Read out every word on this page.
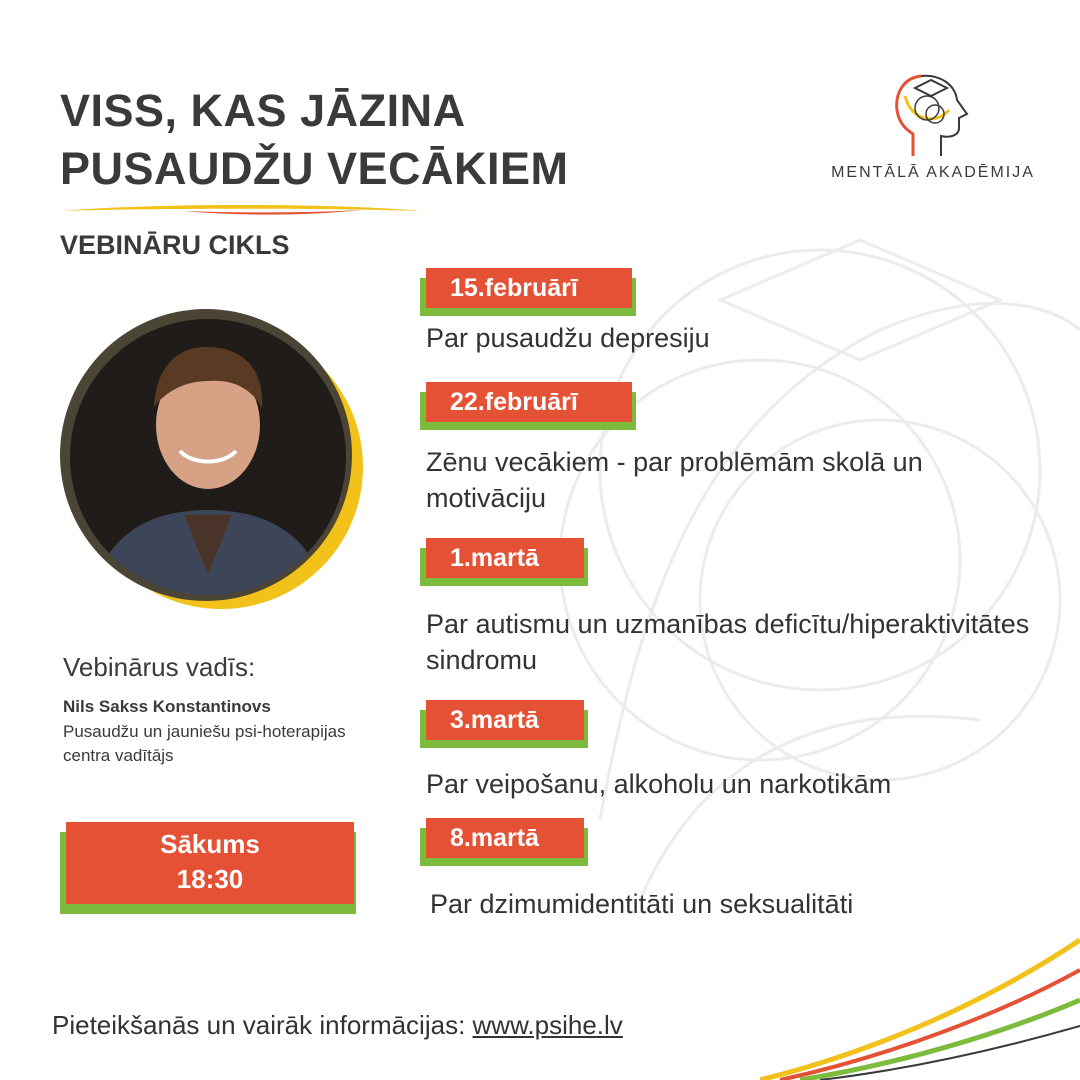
VISS, KAS JĀZINA
PUSAUDŽU VECĀKIEM
VEBINĀRU CIKLS
MENTĀLĀ AKADĒMIJA
Vebinārus vadīs:
Nils Sakss Konstantinovs
Pusaudžu un jauniešu psi-hoterapijas centra vadītājs
Sākums
18:30
15.februārī

Par pusaudžu depresiju

22.februārī

Zēnu vecākiem - par problēmām skolā un motivāciju

1.martā

Par autismu un uzmanības deficītu/hiperaktivitātes sindromu

3.martā

Par veipošanu, alkoholu un narkotikām

8.martā

Par dzimumidentitāti un seksualitāti

Pieteikšanās un vairāk informācijas: www.psihe.lv
